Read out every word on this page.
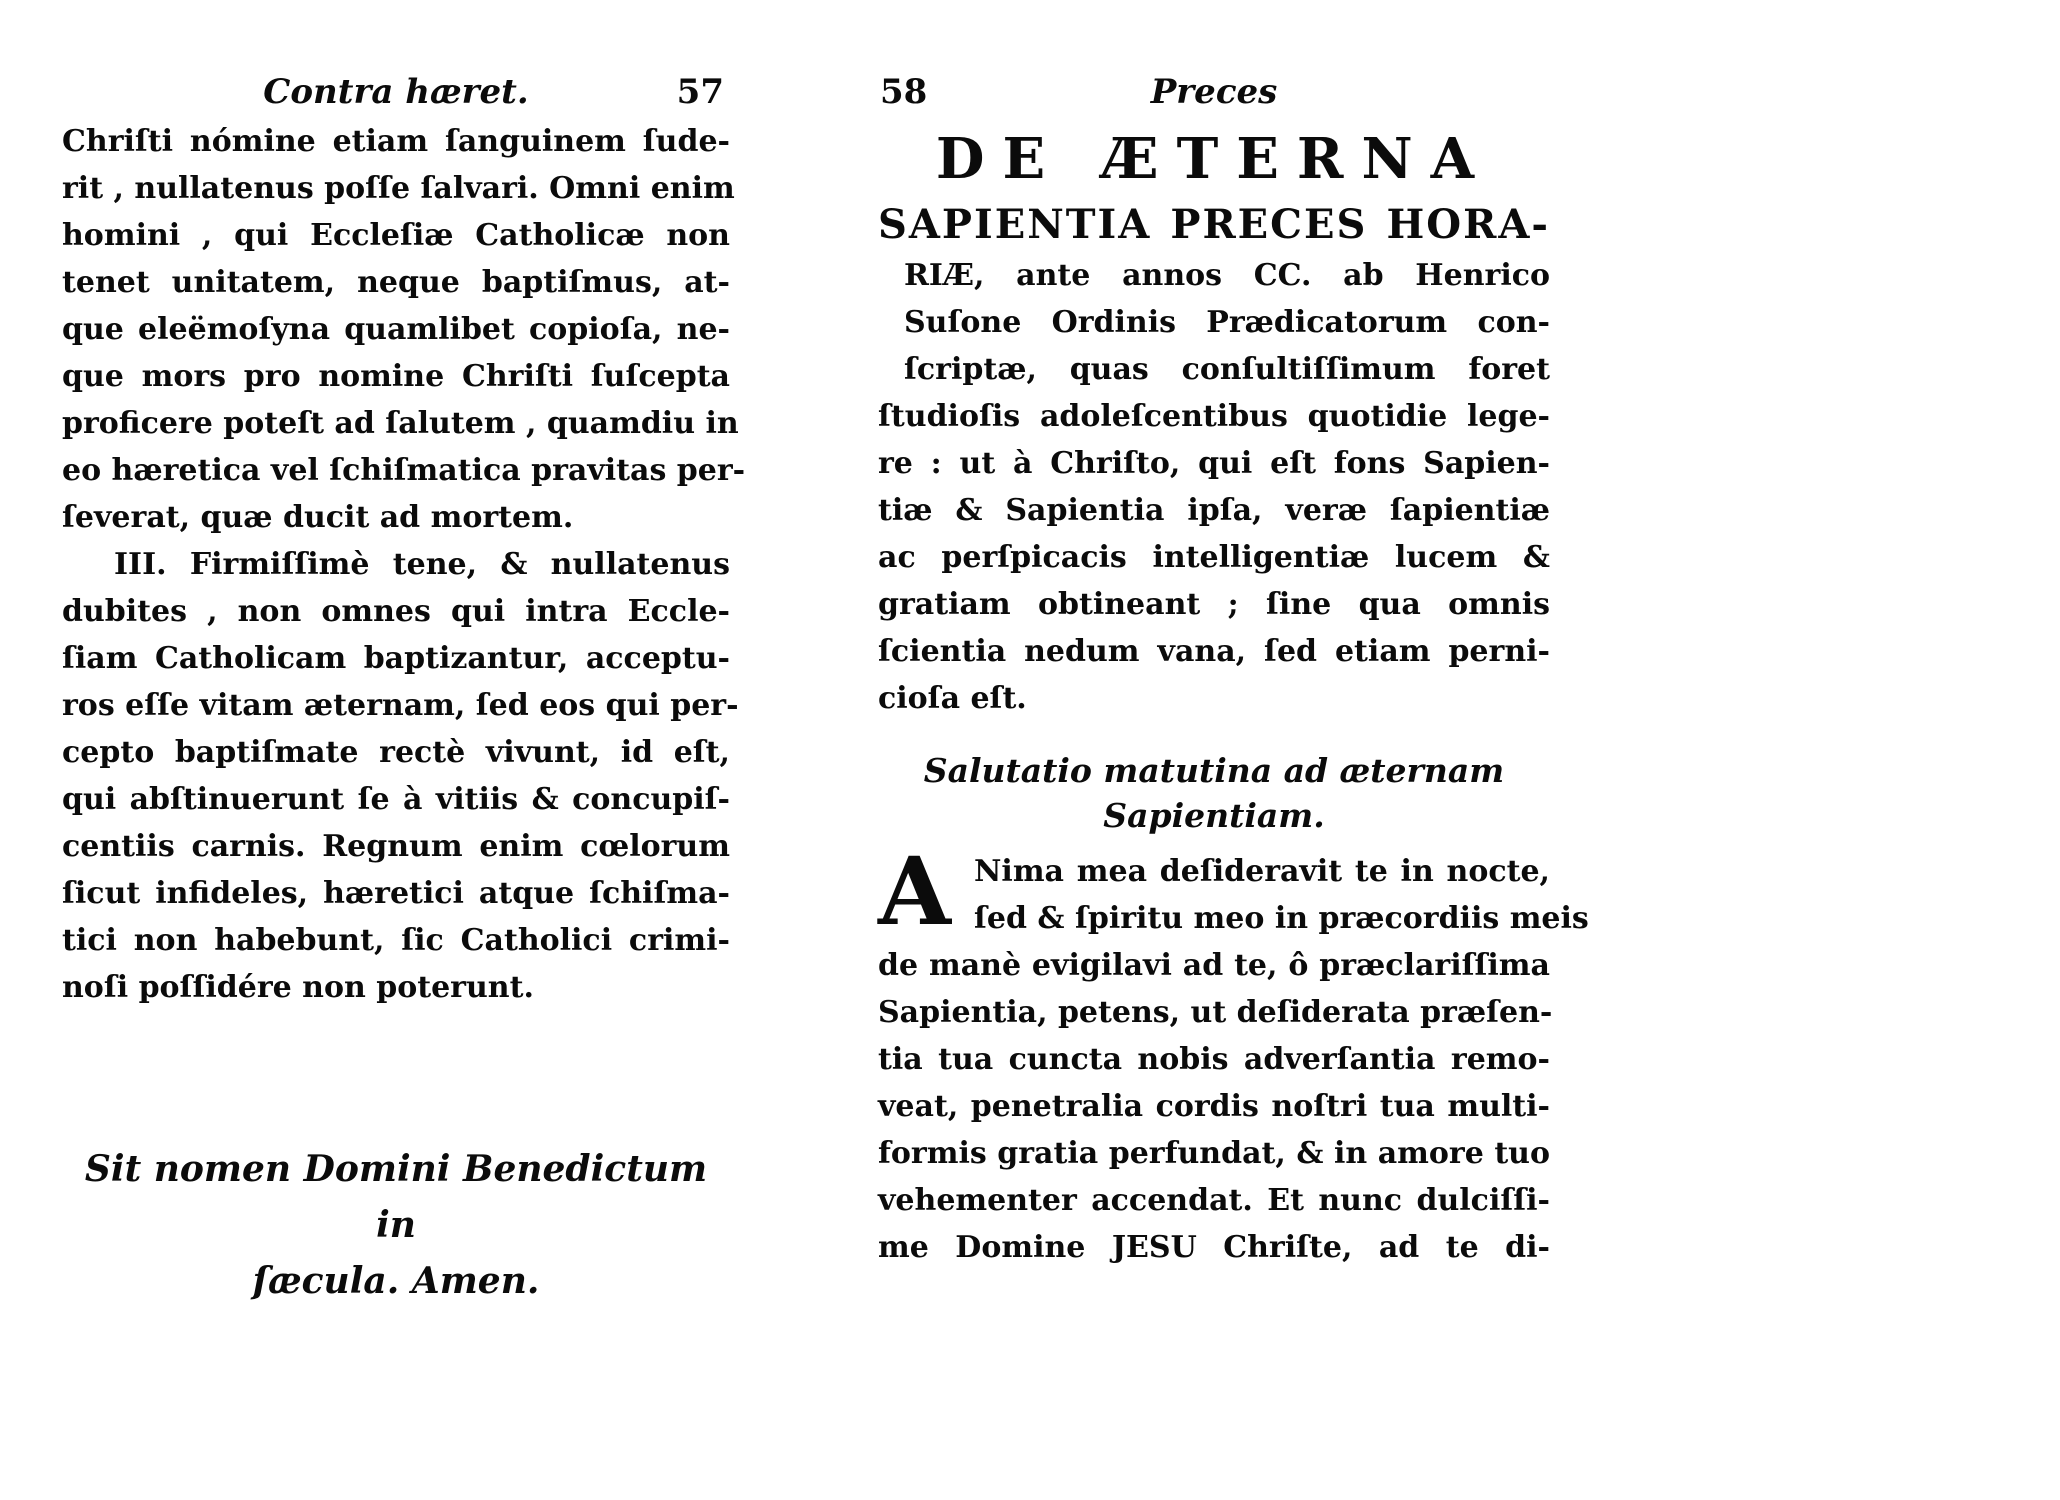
Contra hæret.	57
Chriſti nómine etiam ſanguinem ſude-
rit , nullatenus poſſe ſalvari. Omni enim
homini , qui Eccleſiæ Catholicæ non
tenet unitatem, neque baptiſmus, at-
que eleëmoſyna quamlibet copioſa, ne-
que mors pro nomine Chriſti ſuſcepta
proficere poteſt ad ſalutem , quamdiu in
eo hæretica vel ſchiſmatica pravitas per-
ſeverat, quæ ducit ad mortem.
III. Firmiſſimè tene, & nullatenus
dubites , non omnes qui intra Eccle-
ſiam Catholicam baptizantur, acceptu-
ros eſſe vitam æternam, ſed eos qui per-
cepto baptiſmate rectè vivunt, id eſt,
qui abſtinuerunt ſe à vitiis & concupiſ-
centiis carnis. Regnum enim cœlorum
ſicut infideles, hæretici atque ſchiſma-
tici non habebunt, ſic Catholici crimi-
noſi poſſidére non poterunt.
Sit nomen Domini Benedictum in
ſæcula. Amen.
58	Preces
DE ÆTERNA
SAPIENTIA PRECES HORA-
RIÆ, ante annos CC. ab Henrico
Suſone Ordinis Prædicatorum con-
ſcriptæ, quas conſultiſſimum foret
ſtudioſis adoleſcentibus quotidie lege-
re : ut à Chriſto, qui eſt fons Sapien-
tiæ & Sapientia ipſa, veræ ſapientiæ
ac perſpicacis intelligentiæ lucem &
gratiam obtineant ; ſine qua omnis
ſcientia nedum vana, ſed etiam perni-
cioſa eſt.
Salutatio matutina ad æternam
Sapientiam.
A Nima mea deſideravit te in nocte,
ſed & ſpiritu meo in præcordiis meis
de manè evigilavi ad te, ô præclariſſima
Sapientia, petens, ut deſiderata præſen-
tia tua cuncta nobis adverſantia remo-
veat, penetralia cordis noſtri tua multi-
formis gratia perfundat, & in amore tuo
vehementer accendat. Et nunc dulciſſi-
me Domine JESU Chriſte, ad te di-
